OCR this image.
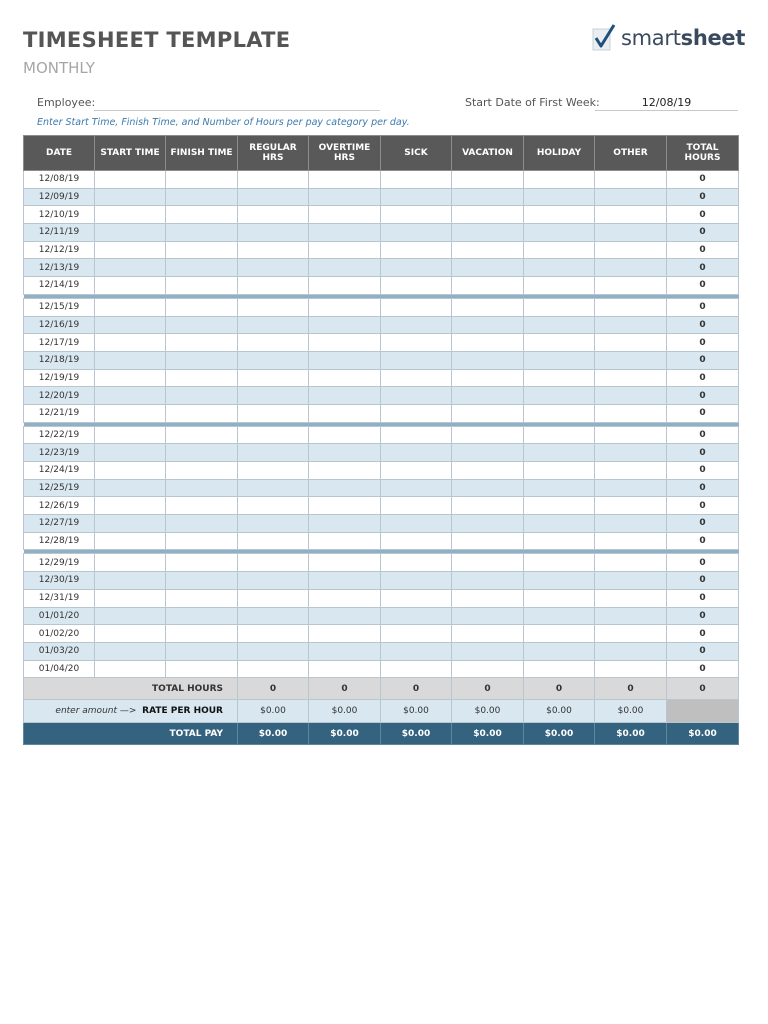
TIMESHEET TEMPLATE
MONTHLY
smartsheet
Employee:	Start Date of First Week:	12/08/19
Enter Start Time, Finish Time, and Number of Hours per pay category per day.
DATE	START TIME	FINISH TIME	REGULAR HRS	OVERTIME HRS	SICK	VACATION	HOLIDAY	OTHER	TOTAL HOURS
12/08/19									0
12/09/19									0
12/10/19									0
12/11/19									0
12/12/19									0
12/13/19									0
12/14/19									0

12/15/19									0
12/16/19									0
12/17/19									0
12/18/19									0
12/19/19									0
12/20/19									0
12/21/19									0

12/22/19									0
12/23/19									0
12/24/19									0
12/25/19									0
12/26/19									0
12/27/19									0
12/28/19									0

12/29/19									0
12/30/19									0
12/31/19									0
01/01/20									0
01/02/20									0
01/03/20									0
01/04/20									0
TOTAL HOURS			0	0	0	0	0	0	0
enter amount —> RATE PER HOUR			$0.00	$0.00	$0.00	$0.00	$0.00	$0.00	
TOTAL PAY			$0.00	$0.00	$0.00	$0.00	$0.00	$0.00	$0.00
